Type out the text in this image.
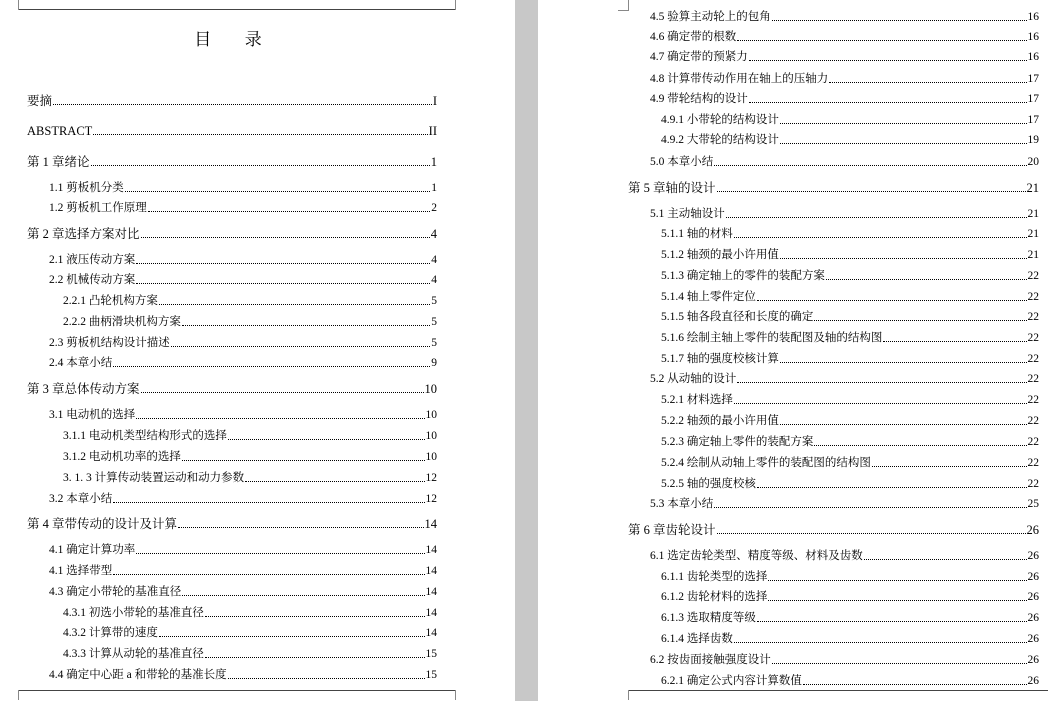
目 录
要摘	I
ABSTRACT	II
第 1 章绪论	1
1.1 剪板机分类	1
1.2 剪板机工作原理	2
第 2 章选择方案对比	4
2.1 液压传动方案	4
2.2 机械传动方案	4
2.2.1 凸轮机构方案	5
2.2.2 曲柄滑块机构方案	5
2.3 剪板机结构设计描述	5
2.4 本章小结	9
第 3 章总体传动方案	10
3.1 电动机的选择	10
3.1.1 电动机类型结构形式的选择	10
3.1.2 电动机功率的选择	10
3. 1. 3 计算传动装置运动和动力参数	12
3.2 本章小结	12
第 4 章带传动的设计及计算	14
4.1 确定计算功率	14
4.1 选择带型	14
4.3 确定小带轮的基准直径	14
4.3.1 初选小带轮的基准直径	14
4.3.2 计算带的速度	14
4.3.3 计算从动轮的基准直径	15
4.4 确定中心距 a 和带轮的基准长度	15
4.5 验算主动轮上的包角	16
4.6 确定带的根数	16
4.7 确定带的预紧力	16
4.8 计算带传动作用在轴上的压轴力	17
4.9 带轮结构的设计	17
4.9.1 小带轮的结构设计	17
4.9.2 大带轮的结构设计	19
5.0 本章小结	20
第 5 章轴的设计	21
5.1 主动轴设计	21
5.1.1 轴的材料	21
5.1.2 轴颈的最小许用值	21
5.1.3 确定轴上的零件的装配方案	22
5.1.4 轴上零件定位	22
5.1.5 轴各段直径和长度的确定	22
5.1.6 绘制主轴上零件的装配图及轴的结构图	22
5.1.7 轴的强度校核计算	22
5.2 从动轴的设计	22
5.2.1 材料选择	22
5.2.2 轴颈的最小许用值	22
5.2.3 确定轴上零件的装配方案	22
5.2.4 绘制从动轴上零件的装配图的结构图	22
5.2.5 轴的强度校核	22
5.3 本章小结	25
第 6 章齿轮设计	26
6.1 选定齿轮类型、精度等级、材料及齿数	26
6.1.1 齿轮类型的选择	26
6.1.2 齿轮材料的选择	26
6.1.3 选取精度等级	26
6.1.4 选择齿数	26
6.2 按齿面接触强度设计	26
6.2.1 确定公式内容计算数值	26
